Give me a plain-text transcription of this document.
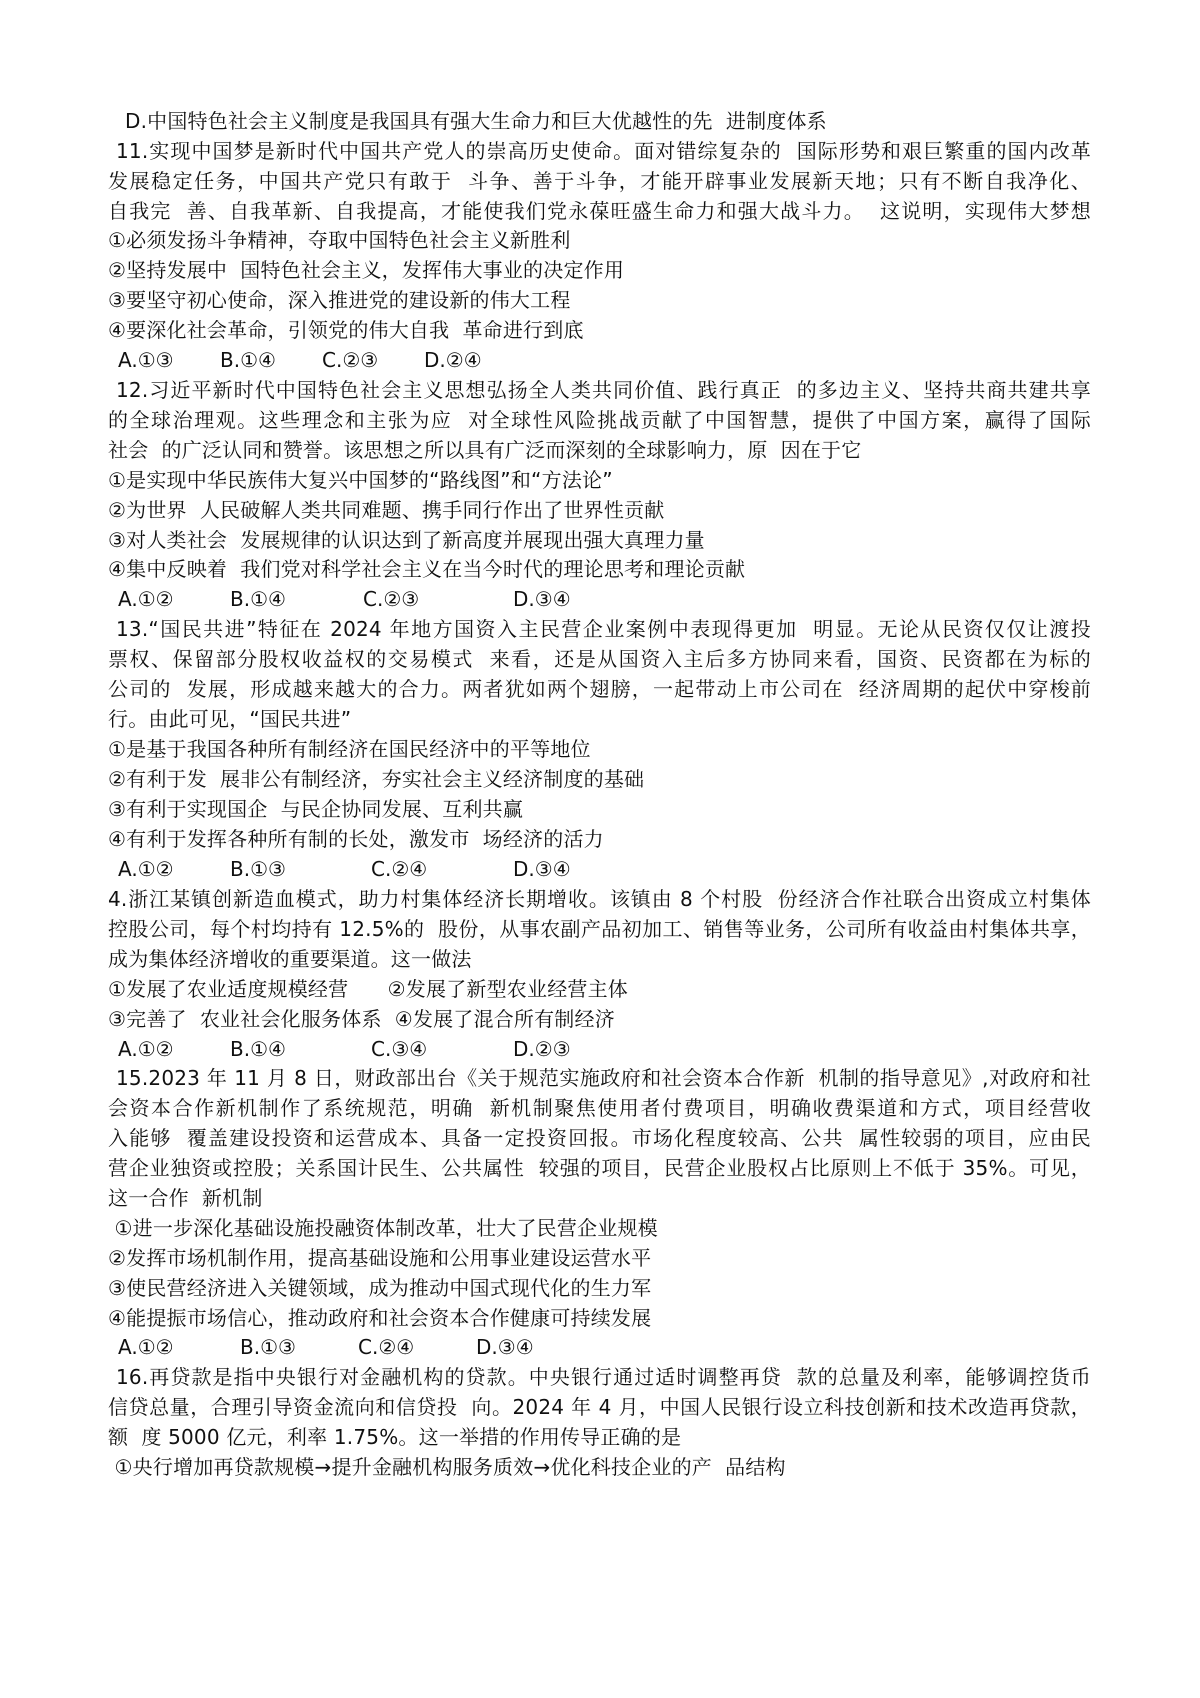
D.中国特色社会主义制度是我国具有强大生命力和巨大优越性的先  进制度体系
11.实现中国梦是新时代中国共产党人的崇高历史使命。面对错综复杂的  国际形势和艰巨繁重的国内改革
发展稳定任务，中国共产党只有敢于  斗争、善于斗争，才能开辟事业发展新天地；只有不断自我净化、
自我完  善、自我革新、自我提高，才能使我们党永葆旺盛生命力和强大战斗力。  这说明，实现伟大梦想
①必须发扬斗争精神，夺取中国特色社会主义新胜利
②坚持发展中  国特色社会主义，发挥伟大事业的决定作用
③要坚守初心使命，深入推进党的建设新的伟大工程
④要深化社会革命，引领党的伟大自我  革命进行到底

A.①③

B.①④

C.②③

D.②④

12.习近平新时代中国特色社会主义思想弘扬全人类共同价值、践行真正  的多边主义、坚持共商共建共享
的全球治理观。这些理念和主张为应  对全球性风险挑战贡献了中国智慧，提供了中国方案，赢得了国际
社会  的广泛认同和赞誉。该思想之所以具有广泛而深刻的全球影响力，原  因在于它
①是实现中华民族伟大复兴中国梦的“路线图”和“方法论”
②为世界  人民破解人类共同难题、携手同行作出了世界性贡献
③对人类社会  发展规律的认识达到了新高度并展现出强大真理力量
④集中反映着  我们党对科学社会主义在当今时代的理论思考和理论贡献

A.①②

	B.①④

	C.②③

	D.③④

13.“国民共进”特征在 2024 年地方国资入主民营企业案例中表现得更加  明显。无论从民资仅仅让渡投
票权、保留部分股权收益权的交易模式  来看，还是从国资入主后多方协同来看，国资、民资都在为标的
公司的  发展，形成越来越大的合力。两者犹如两个翅膀，一起带动上市公司在  经济周期的起伏中穿梭前
行。由此可见，“国民共进”
①是基于我国各种所有制经济在国民经济中的平等地位
②有利于发  展非公有制经济，夯实社会主义经济制度的基础
③有利于实现国企  与民企协同发展、互利共赢
④有利于发挥各种所有制的长处，激发市  场经济的活力

A.①②

	B.①③

	C.②④

	D.③④

4.浙江某镇创新造血模式，助力村集体经济长期增收。该镇由 8 个村股  份经济合作社联合出资成立村集体
控股公司，每个村均持有 12.5%的  股份，从事农副产品初加工、销售等业务，公司所有收益由村集体共享，
成为集体经济增收的重要渠道。这一做法
①发展了农业适度规模经营      ②发展了新型农业经营主体
③完善了  农业社会化服务体系  ④发展了混合所有制经济

A.①②

	B.①④

	C.③④

	D.②③

15.2023 年 11 月 8 日，财政部出台《关于规范实施政府和社会资本合作新  机制的指导意见》,对政府和社
会资本合作新机制作了系统规范，明确  新机制聚焦使用者付费项目，明确收费渠道和方式，项目经营收
入能够  覆盖建设投资和运营成本、具备一定投资回报。市场化程度较高、公共  属性较弱的项目，应由民
营企业独资或控股；关系国计民生、公共属性  较强的项目，民营企业股权占比原则上不低于 35%。可见，
这一合作  新机制
①进一步深化基础设施投融资体制改革，壮大了民营企业规模
②发挥市场机制作用，提高基础设施和公用事业建设运营水平
③使民营经济进入关键领域，成为推动中国式现代化的生力军
④能提振市场信心，推动政府和社会资本合作健康可持续发展

A.①②

	B.①③

	C.②④

	D.③④

16.再贷款是指中央银行对金融机构的贷款。中央银行通过适时调整再贷  款的总量及利率，能够调控货币
信贷总量，合理引导资金流向和信贷投  向。2024 年 4 月，中国人民银行设立科技创新和技术改造再贷款，
额  度 5000 亿元，利率 1.75%。这一举措的作用传导正确的是
①央行增加再贷款规模→提升金融机构服务质效→优化科技企业的产  品结构
